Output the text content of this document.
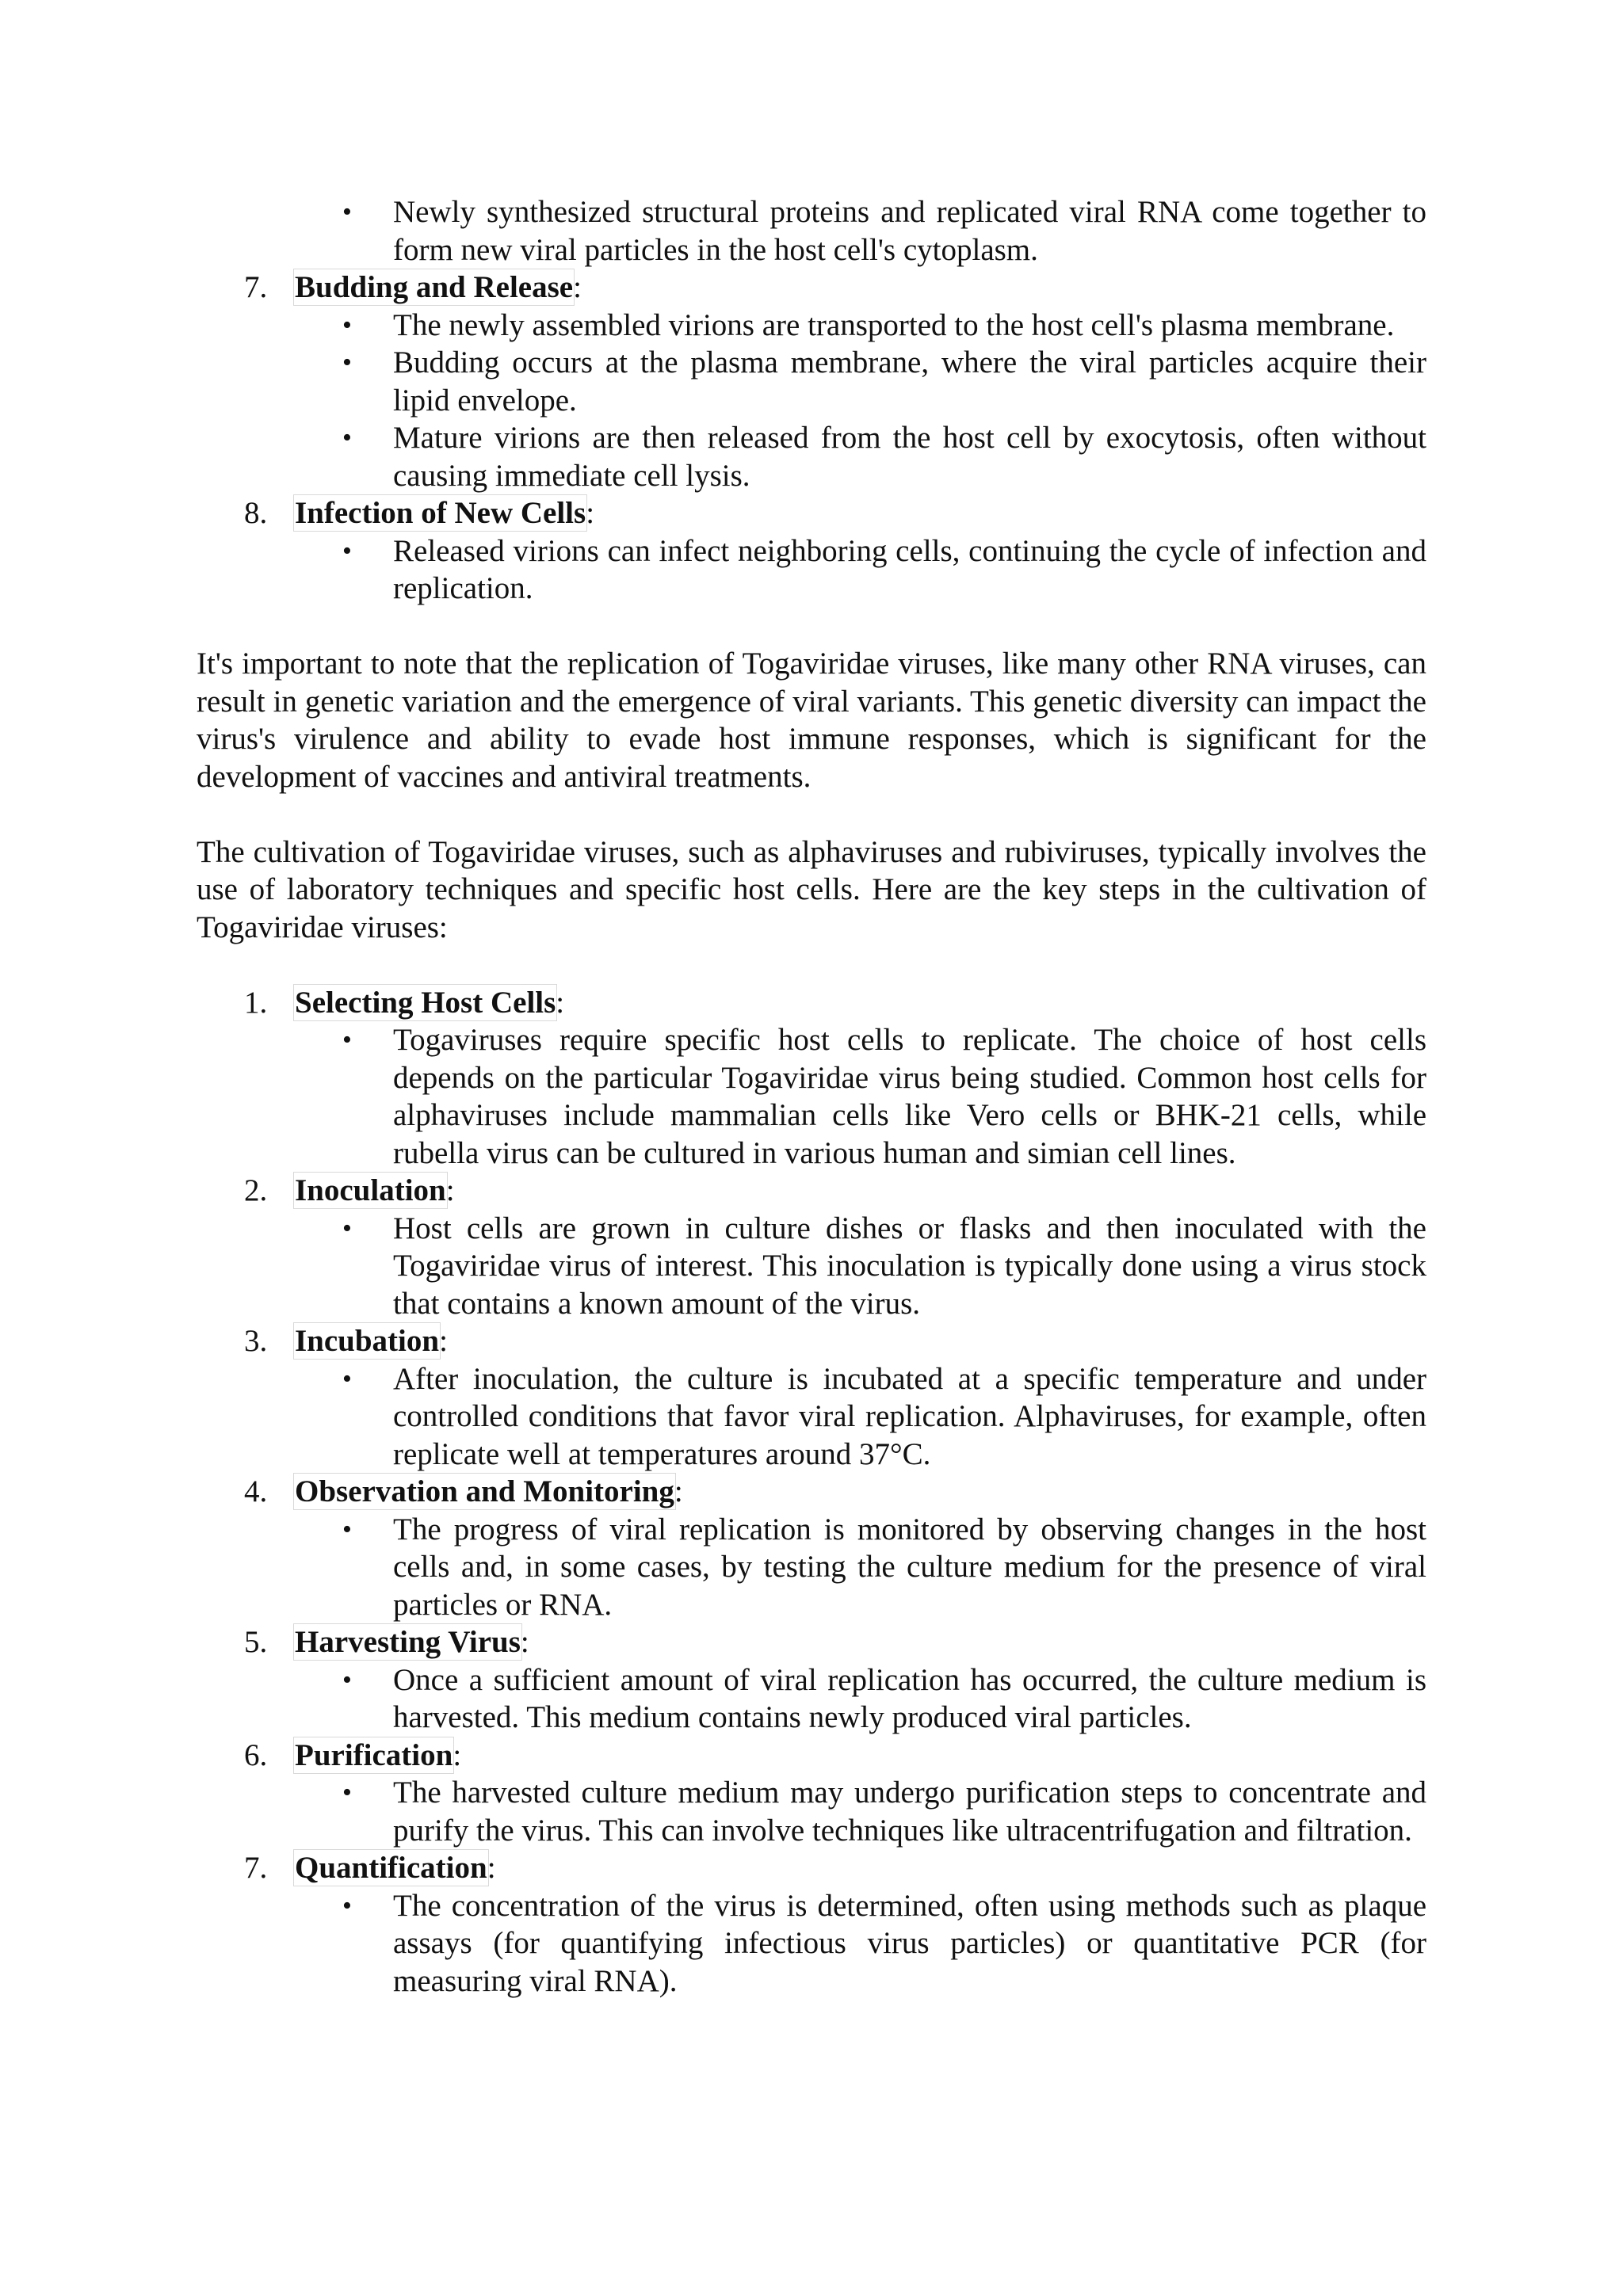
• Newly synthesized structural proteins and replicated viral RNA come together to form new viral particles in the host cell's cytoplasm.
7. Budding and Release:
• The newly assembled virions are transported to the host cell's plasma membrane.
• Budding occurs at the plasma membrane, where the viral particles acquire their lipid envelope.
• Mature virions are then released from the host cell by exocytosis, often without causing immediate cell lysis.
8. Infection of New Cells:
• Released virions can infect neighboring cells, continuing the cycle of infection and replication.

It's important to note that the replication of Togaviridae viruses, like many other RNA viruses, can result in genetic variation and the emergence of viral variants. This genetic diversity can impact the virus's virulence and ability to evade host immune responses, which is significant for the development of vaccines and antiviral treatments.

The cultivation of Togaviridae viruses, such as alphaviruses and rubiviruses, typically involves the use of laboratory techniques and specific host cells. Here are the key steps in the cultivation of Togaviridae viruses:

1. Selecting Host Cells:
• Togaviruses require specific host cells to replicate. The choice of host cells depends on the particular Togaviridae virus being studied. Common host cells for alphaviruses include mammalian cells like Vero cells or BHK-21 cells, while rubella virus can be cultured in various human and simian cell lines.
2. Inoculation:
• Host cells are grown in culture dishes or flasks and then inoculated with the Togaviridae virus of interest. This inoculation is typically done using a virus stock that contains a known amount of the virus.
3. Incubation:
• After inoculation, the culture is incubated at a specific temperature and under controlled conditions that favor viral replication. Alphaviruses, for example, often replicate well at temperatures around 37°C.
4. Observation and Monitoring:
• The progress of viral replication is monitored by observing changes in the host cells and, in some cases, by testing the culture medium for the presence of viral particles or RNA.
5. Harvesting Virus:
• Once a sufficient amount of viral replication has occurred, the culture medium is harvested. This medium contains newly produced viral particles.
6. Purification:
• The harvested culture medium may undergo purification steps to concentrate and purify the virus. This can involve techniques like ultracentrifugation and filtration.
7. Quantification:
• The concentration of the virus is determined, often using methods such as plaque assays (for quantifying infectious virus particles) or quantitative PCR (for measuring viral RNA).
